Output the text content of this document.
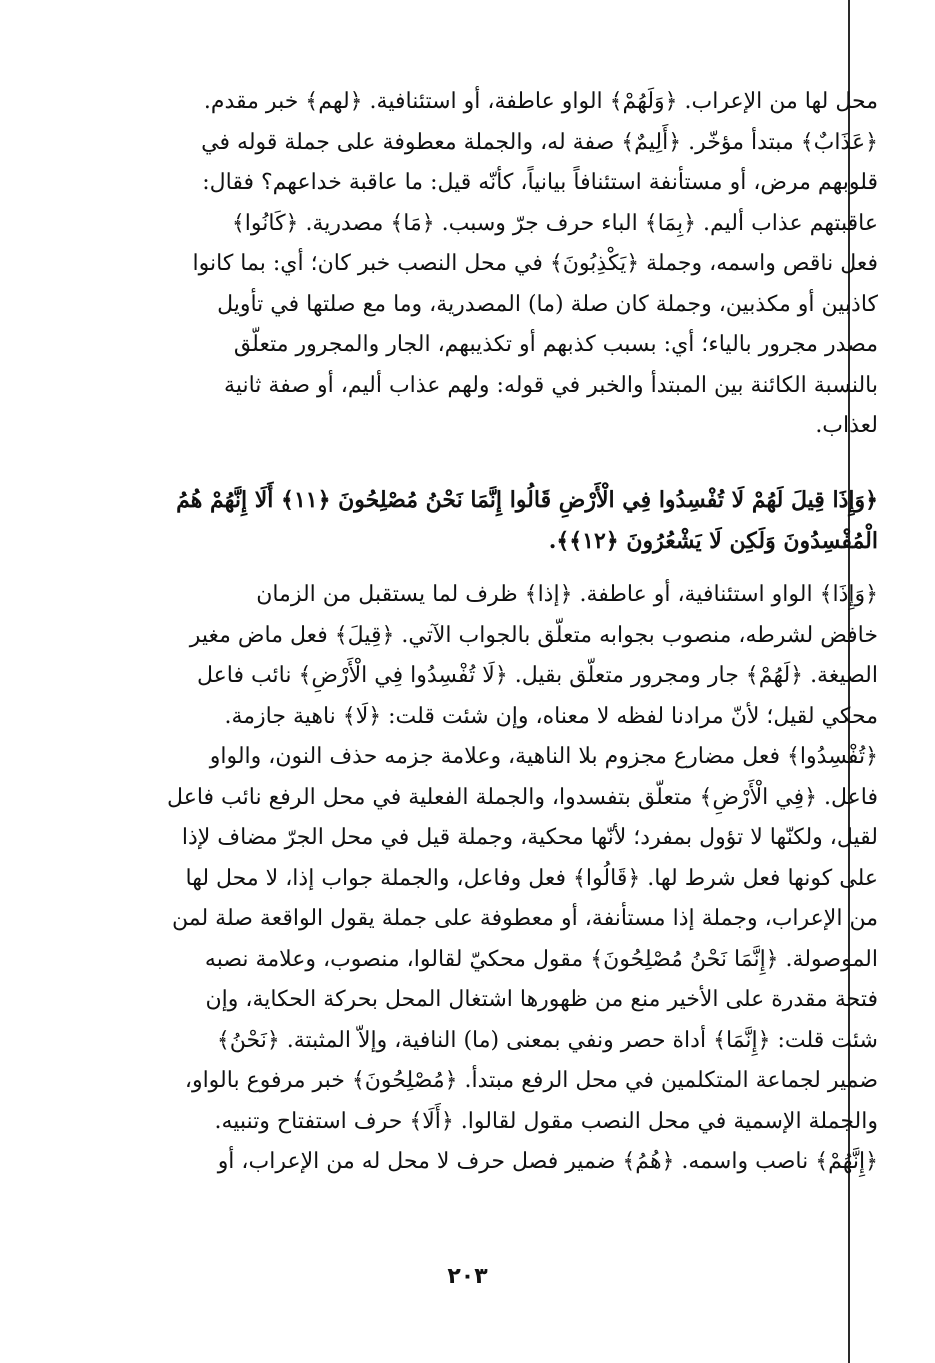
محل لها من الإعراب. ﴿وَلَهُمْ﴾ الواو عاطفة، أو استئنافية. ﴿لهم﴾ خبر مقدم.
﴿عَذَابٌ﴾ مبتدأ مؤخّر. ﴿أَلِيمٌ﴾ صفة له، والجملة معطوفة على جملة قوله في
قلوبهم مرض، أو مستأنفة استئنافاً بيانياً، كأنّه قيل: ما عاقبة خداعهم؟ فقال:
عاقبتهم عذاب أليم. ﴿بِمَا﴾ الباء حرف جرّ وسبب. ﴿مَا﴾ مصدرية. ﴿كَانُوا﴾
فعل ناقص واسمه، وجملة ﴿يَكْذِبُونَ﴾ في محل النصب خبر كان؛ أي: بما كانوا
كاذبين أو مكذبين، وجملة كان صلة (ما) المصدرية، وما مع صلتها في تأويل
مصدر مجرور بالياء؛ أي: بسبب كذبهم أو تكذيبهم، الجار والمجرور متعلّق
بالنسبة الكائنة بين المبتدأ والخبر في قوله: ولهم عذاب أليم، أو صفة ثانية
لعذاب.
﴿وَإِذَا قِيلَ لَهُمْ لَا تُفْسِدُوا فِي الْأَرْضِ قَالُوا إِنَّمَا نَحْنُ مُصْلِحُونَ ﴿١١﴾ أَلَا إِنَّهُمْ هُمُ
الْمُفْسِدُونَ وَلَكِن لَا يَشْعُرُونَ ﴿١٢﴾﴾.
﴿وَإِذَا﴾ الواو استئنافية، أو عاطفة. ﴿إذا﴾ ظرف لما يستقبل من الزمان
خافض لشرطه، منصوب بجوابه متعلّق بالجواب الآتي. ﴿قِيلَ﴾ فعل ماض مغير
الصيغة. ﴿لَهُمْ﴾ جار ومجرور متعلّق بقيل. ﴿لَا تُفْسِدُوا فِي الْأَرْضِ﴾ نائب فاعل
محكي لقيل؛ لأنّ مرادنا لفظه لا معناه، وإن شئت قلت: ﴿لَا﴾ ناهية جازمة.
﴿تُفْسِدُوا﴾ فعل مضارع مجزوم بلا الناهية، وعلامة جزمه حذف النون، والواو
فاعل. ﴿فِي الْأَرْضِ﴾ متعلّق بتفسدوا، والجملة الفعلية في محل الرفع نائب فاعل
لقيل، ولكنّها لا تؤول بمفرد؛ لأنّها محكية، وجملة قيل في محل الجرّ مضاف لإذا
على كونها فعل شرط لها. ﴿قَالُوا﴾ فعل وفاعل، والجملة جواب إذا، لا محل لها
من الإعراب، وجملة إذا مستأنفة، أو معطوفة على جملة يقول الواقعة صلة لمن
الموصولة. ﴿إِنَّمَا نَحْنُ مُصْلِحُونَ﴾ مقول محكيّ لقالوا، منصوب، وعلامة نصبه
فتحة مقدرة على الأخير منع من ظهورها اشتغال المحل بحركة الحكاية، وإن
شئت قلت: ﴿إِنَّمَا﴾ أداة حصر ونفي بمعنى (ما) النافية، وإلاّ المثبتة. ﴿نَحْنُ﴾
ضمير لجماعة المتكلمين في محل الرفع مبتدأ. ﴿مُصْلِحُونَ﴾ خبر مرفوع بالواو،
والجملة الإسمية في محل النصب مقول لقالوا. ﴿أَلَا﴾ حرف استفتاح وتنبيه.
﴿إِنَّهُمْ﴾ ناصب واسمه. ﴿هُمُ﴾ ضمير فصل حرف لا محل له من الإعراب، أو
٢٠٣
